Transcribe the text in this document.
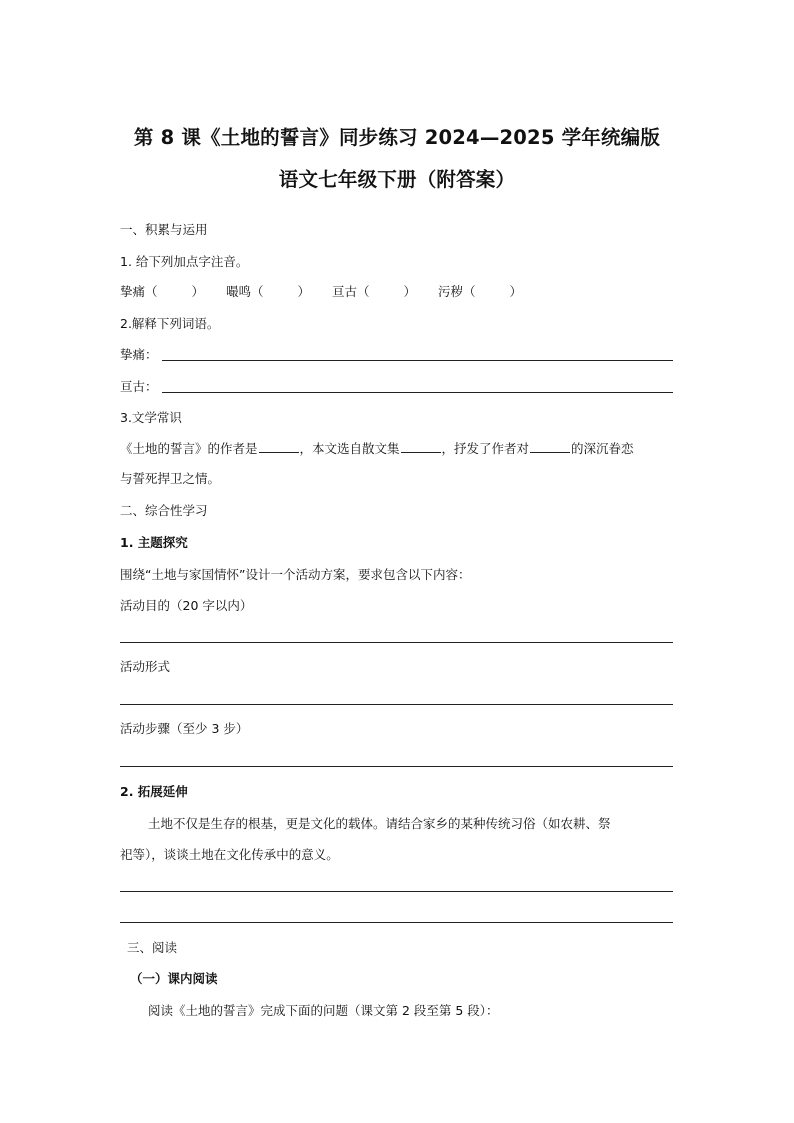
第 8 课《土地的誓言》同步练习 2024—2025 学年统编版
语文七年级下册（附答案）
一、积累与运用
1. 给下列加点字注音。
挚痛（	） 嘬鸣（	） 亘古（	） 污秽（	）
2.解释下列词语。
挚痛：
亘古：
3.文学常识
《土地的誓言》的作者是	，本文选自散文集	，抒发了作者对	的深沉眷恋
与誓死捍卫之情。
二、综合性学习
1. 主题探究
围绕“土地与家国情怀”设计一个活动方案，要求包含以下内容：
活动目的（20 字以内）
活动形式
活动步骤（至少 3 步）
2. 拓展延伸
土地不仅是生存的根基，更是文化的载体。请结合家乡的某种传统习俗（如农耕、祭
祀等），谈谈土地在文化传承中的意义。
三、阅读
（一）课内阅读
阅读《土地的誓言》完成下面的问题（课文第 2 段至第 5 段）：
